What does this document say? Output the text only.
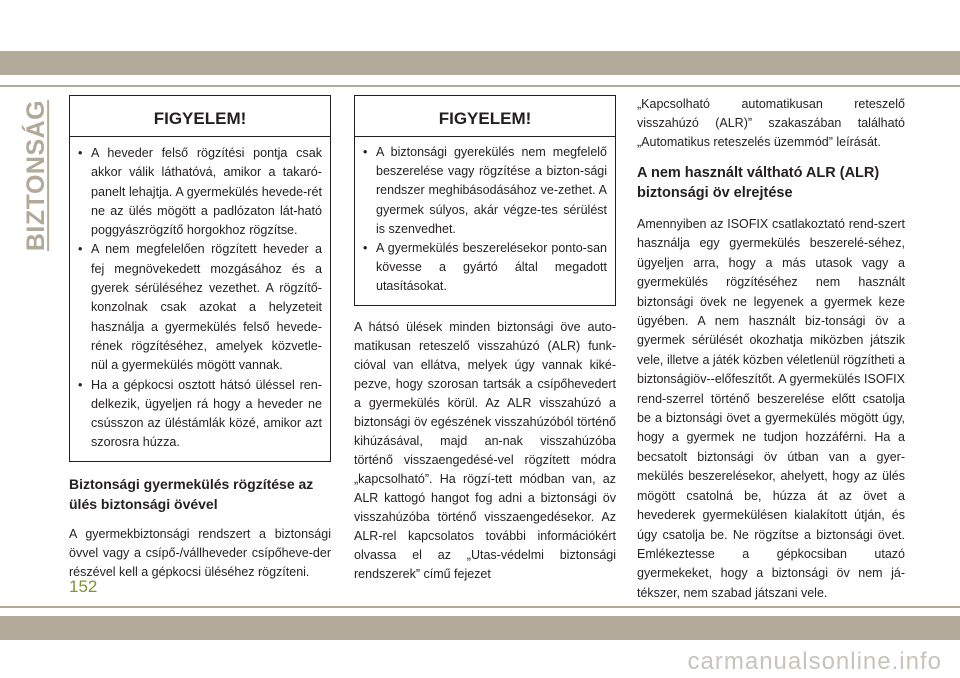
BIZTONSÁG	FIGYELEM!
• A heveder felső rögzítési pontja csak akkor válik láthatóvá, amikor a takaró-panelt lehajtja. A gyermekülés hevede-rét ne az ülés mögött a padlózaton lát-ható poggyászrögzítő horgokhoz rögzítse.
• A nem megfelelően rögzített heveder a fej megnövekedett mozgásához és a gyerek sérüléséhez vezethet. A rögzítő-konzolnak csak azokat a helyzeteit használja a gyermekülés felső hevede-rének rögzítéséhez, amelyek közvetle-nül a gyermekülés mögött vannak.
• Ha a gépkocsi osztott hátsó üléssel ren-delkezik, ügyeljen rá hogy a heveder ne csússzon az üléstámlák közé, amikor azt szorosra húzza.

Biztonsági gyermekülés rögzítése az ülés biztonsági övével

A gyermekbiztonsági rendszert a biztonsági övvel vagy a csípő-/vállheveder csípőheve-der részével kell a gépkocsi üléséhez rögzíteni.

FIGYELEM!
• A biztonsági gyerekülés nem megfelelő beszerelése vagy rögzítése a bizton-sági rendszer meghibásodásához ve-zethet. A gyermek súlyos, akár végze-tes sérülést is szenvedhet.
• A gyermekülés beszerelésekor ponto-san kövesse a gyártó által megadott utasításokat.

A hátsó ülések minden biztonsági öve auto-matikusan reteszelő visszahúzó (ALR) funk-cióval van ellátva, melyek úgy vannak kiké-pezve, hogy szorosan tartsák a csípőhevedert a gyermekülés körül. Az ALR visszahúzó a biztonsági öv egészének visszahúzóból történő kihúzásával, majd an-nak visszahúzóba történő visszaengedésé-vel rögzített módra „kapcsolható”. Ha rögzí-tett módban van, az ALR kattogó hangot fog adni a biztonsági öv visszahúzóba történő visszaengedésekor. Az ALR-rel kapcsolatos további információkért olvassa el az „Utas-védelmi biztonsági rendszerek” című fejezet

„Kapcsolható automatikusan reteszelő visszahúzó (ALR)” szakaszában található „Automatikus reteszelés üzemmód” leírását.

A nem használt váltható ALR (ALR) biztonsági öv elrejtése

Amennyiben az ISOFIX csatlakoztató rend-szert használja egy gyermekülés beszerelé-séhez, ügyeljen arra, hogy a más utasok vagy a gyermekülés rögzítéséhez nem használt biztonsági övek ne legyenek a gyermek keze ügyében. A nem használt biz-tonsági öv a gyermek sérülését okozhatja miközben játszik vele, illetve a játék közben véletlenül rögzítheti a biztonságiöv--előfeszítőt. A gyermekülés ISOFIX rend-szerrel történő beszerelése előtt csatolja be a biztonsági övet a gyermekülés mögött úgy, hogy a gyermek ne tudjon hozzáférni. Ha a becsatolt biztonsági öv útban van a gyer-mekülés beszerelésekor, ahelyett, hogy az ülés mögött csatolná be, húzza át az övet a hevederek gyermekülésen kialakított útján, és úgy csatolja be. Ne rögzítse a biztonsági övet. Emlékeztesse a gépkocsiban utazó gyermekeket, hogy a biztonsági öv nem já-tékszer, nem szabad játszani vele.

152
carmanualsonline.info
